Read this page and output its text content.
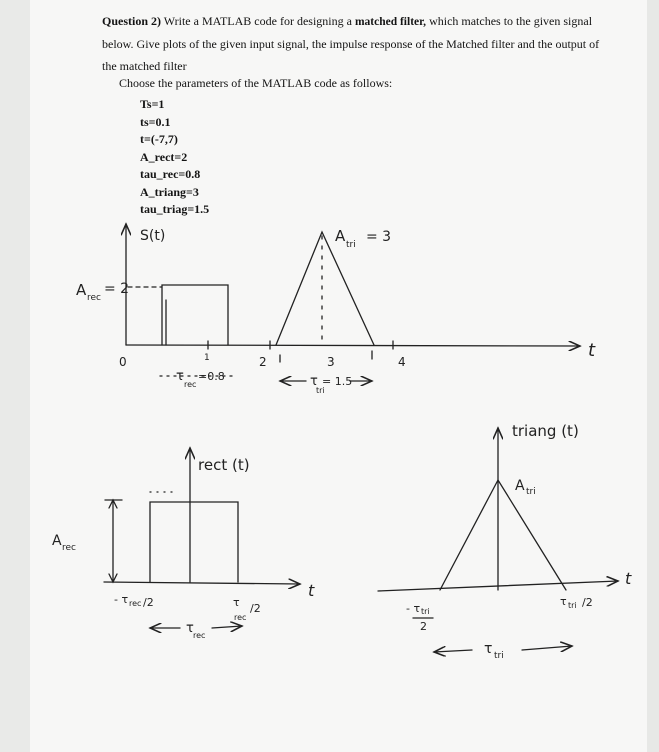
Question 2) Write a MATLAB code for designing a matched filter, which matches to the given signal below. Give plots of the given input signal, the impulse response of the Matched filter and the output of the matched filter
Choose the parameters of the MATLAB code as follows:
Ts=1
ts=0.1
t=(-7,7)
A_rect=2
tau_rec=0.8
A_triang=3
tau_triag=1.5
S(t)
t
A rec
= 2
A tri = 3
0	1	2	3	4
τ
rec
=0.8	τ
tri
= 1.5
rect (t)
A rec
t
- τ rec /2	τ
rec
/2
τ rec
triang (t)
A tri
t
- τ tri
2
τ tri /2
τ tri
